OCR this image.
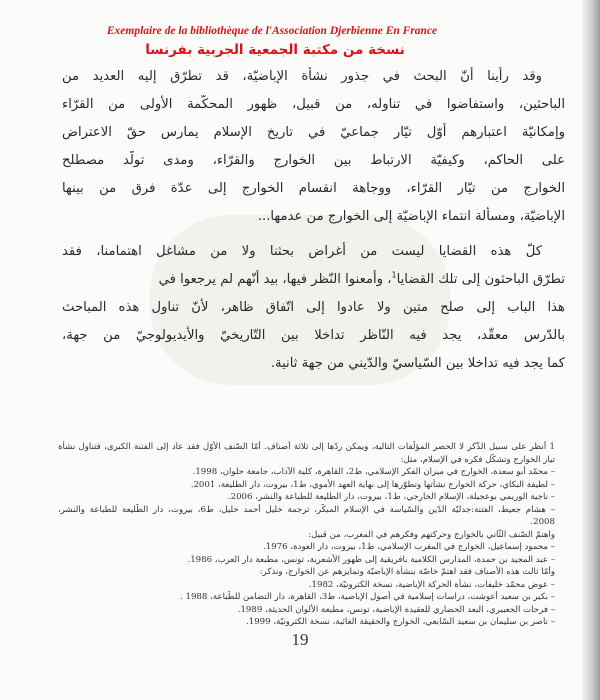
Exemplaire de la bibliothèque de l'Association Djerbienne En France
نسخة من مكتبة الجمعية الجربية بفرنسا
وقد رأينا أنّ البحث في جذور نشأة الإباضيّة، قد تطرّق إليه العديد من
الباحثين، واستفاضوا في تناوله، من قبيل، ظهور المحكّمة الأولى من القرّاء
وإمكانيّة اعتبارهم أوّل تيّار جماعيّ في تاريخ الإسلام يمارس حقّ الاعتراض
على الحاكم، وكيفيّة الارتباط بين الخوارج والقرّاء، ومدى تولّد مصطلح
الخوارج من تيّار القرّاء، ووجاهة انقسام الخوارج إلى عدّة فرق من بينها
الإباضيّة، ومسألة انتماء الإباضيّة إلى الخوارج من عدمها...
كلّ هذه القضايا ليست من أغراض بحثنا ولا من مشاغل اهتمامنا، فقد
تطرّق الباحثون إلى تلك القضايا$^1$، وأمعنوا النّظر فيها، بيد أنّهم لم يرجعوا في
هذا الباب إلى صلح متين ولا عادوا إلى اتّفاق ظاهر، لأنّ تناول هذه المباحث
بالدّرس معقّد، يجد فيه النّاظر تداخلا بين التّاريخيّ والأيديولوجيّ من جهة،
كما يجد فيه تداخلا بين السّياسيّ والدّيني من جهة ثانية.
1 أنظر على سبيل الذّكر لا الحصر المؤلّفات التالية، ويمكن ردّها إلى ثلاثة أصناف. أمّا الصّنف الأوّل فقد عاد إلى الفتنة الكبرى، فتناول نشأة
تيار الخوارج وتشكّل فكره في الإسلام، مثل:
– محمّد أبو سعدة، الخوارج في ميزان الفكر الإسلامي، ط2، القاهرة، كلية الآداب، جامعة حلوان، 1998.
– لطيفة البكاي، حركة الخوارج نشأتها وتطوّرها إلى نهاية العهد الأموي، ط1، بيروت، دار الطليعة، 2001.
– ناجية الوريمي بوعجيلة، الإسلام الخارجي، ط1، بيروت، دار الطليعة للطباعة والنشر، 2006.
– هشام جعيط، الفتنة:جدليّة الدّين والسّياسة في الإسلام المبكّر، ترجمة خليل أحمد خليل، ط6، بيروت، دار الطّليعة للطباعة والنشر،
2008.
واهتمّ الصّنف الثّاني بالخوارج وحركتهم وفكرهم في المغرب، من قبيل:
– محمود إسماعيل، الخوارج في المغرب الإسلامي، ط1، بيروت، دار العودة، 1976.
– عبد المجيد بن حمدة، المدارس الكلامية بافريقية إلى ظهور الأشعرية، تونس، مطبعة دار العرب، 1986.
وأمّا ثالث هذه الأصناف فقد اهتمّ خاصّة بنشأة الإباضيّة وتمايزهم عن الخوارج، ونذكر:
– عوض محمّد خليفات، نشأة الحركة الإباضية، نسخة الكترونيّة، 1982.
– بكير بن سعيد أعوشت، دراسات إسلامية في أصول الإباضية، ط3، القاهرة، دار التضامن للطّباعة، 1988 .
– فرحات الجعبيري، البعد الحضاري للعقيدة الإباضية، تونس، مطبعة الألوان الحديثة، 1989.
– ناصر بن سليمان بن سعيد السّابعي، الخوارج والحقيقة الغائبة، نسخة الكترونيّة، 1999.
19
